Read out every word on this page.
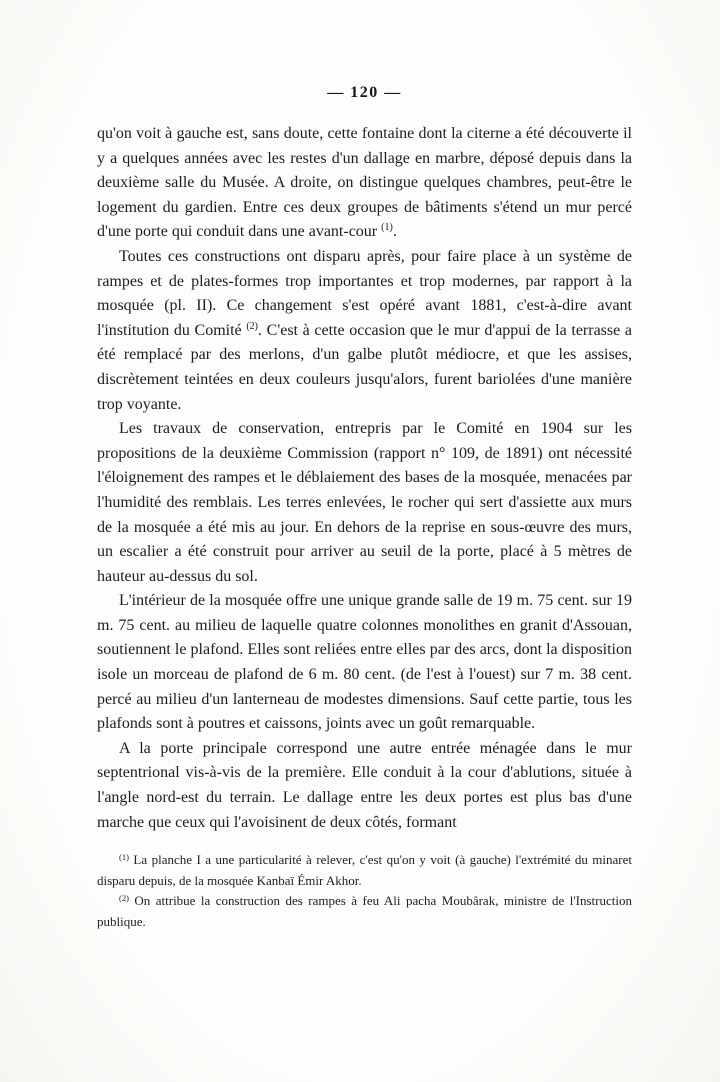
— 120 —

qu'on voit à gauche est, sans doute, cette fontaine dont la citerne a été découverte il y a quelques années avec les restes d'un dallage en marbre, déposé depuis dans la deuxième salle du Musée. A droite, on distingue quelques chambres, peut-être le logement du gardien. Entre ces deux groupes de bâtiments s'étend un mur percé d'une porte qui conduit dans une avant-cour $^{(1)}$.

Toutes ces constructions ont disparu après, pour faire place à un système de rampes et de plates-formes trop importantes et trop modernes, par rapport à la mosquée (pl. II). Ce changement s'est opéré avant 1881, c'est-à-dire avant l'institution du Comité $^{(2)}$. C'est à cette occasion que le mur d'appui de la terrasse a été remplacé par des merlons, d'un galbe plutôt médiocre, et que les assises, discrètement teintées en deux couleurs jusqu'alors, furent bariolées d'une manière trop voyante.

Les travaux de conservation, entrepris par le Comité en 1904 sur les propositions de la deuxième Commission (rapport n° 109, de 1891) ont nécessité l'éloignement des rampes et le déblaiement des bases de la mosquée, menacées par l'humidité des remblais. Les terres enlevées, le rocher qui sert d'assiette aux murs de la mosquée a été mis au jour. En dehors de la reprise en sous-œuvre des murs, un escalier a été construit pour arriver au seuil de la porte, placé à 5 mètres de hauteur au-dessus du sol.

L'intérieur de la mosquée offre une unique grande salle de 19 m. 75 cent. sur 19 m. 75 cent. au milieu de laquelle quatre colonnes monolithes en granit d'Assouan, soutiennent le plafond. Elles sont reliées entre elles par des arcs, dont la disposition isole un morceau de plafond de 6 m. 80 cent. (de l'est à l'ouest) sur 7 m. 38 cent. percé au milieu d'un lanterneau de modestes dimensions. Sauf cette partie, tous les plafonds sont à poutres et caissons, joints avec un goût remarquable.

A la porte principale correspond une autre entrée ménagée dans le mur septentrional vis-à-vis de la première. Elle conduit à la cour d'ablutions, située à l'angle nord-est du terrain. Le dallage entre les deux portes est plus bas d'une marche que ceux qui l'avoisinent de deux côtés, formant

$^{(1)}$ La planche I a une particularité à relever, c'est qu'on y voit (à gauche) l'extrémité du minaret disparu depuis, de la mosquée Kanbaï Émir Akhor.

$^{(2)}$ On attribue la construction des rampes à feu Ali pacha Moubârak, ministre de l'Instruction publique.
